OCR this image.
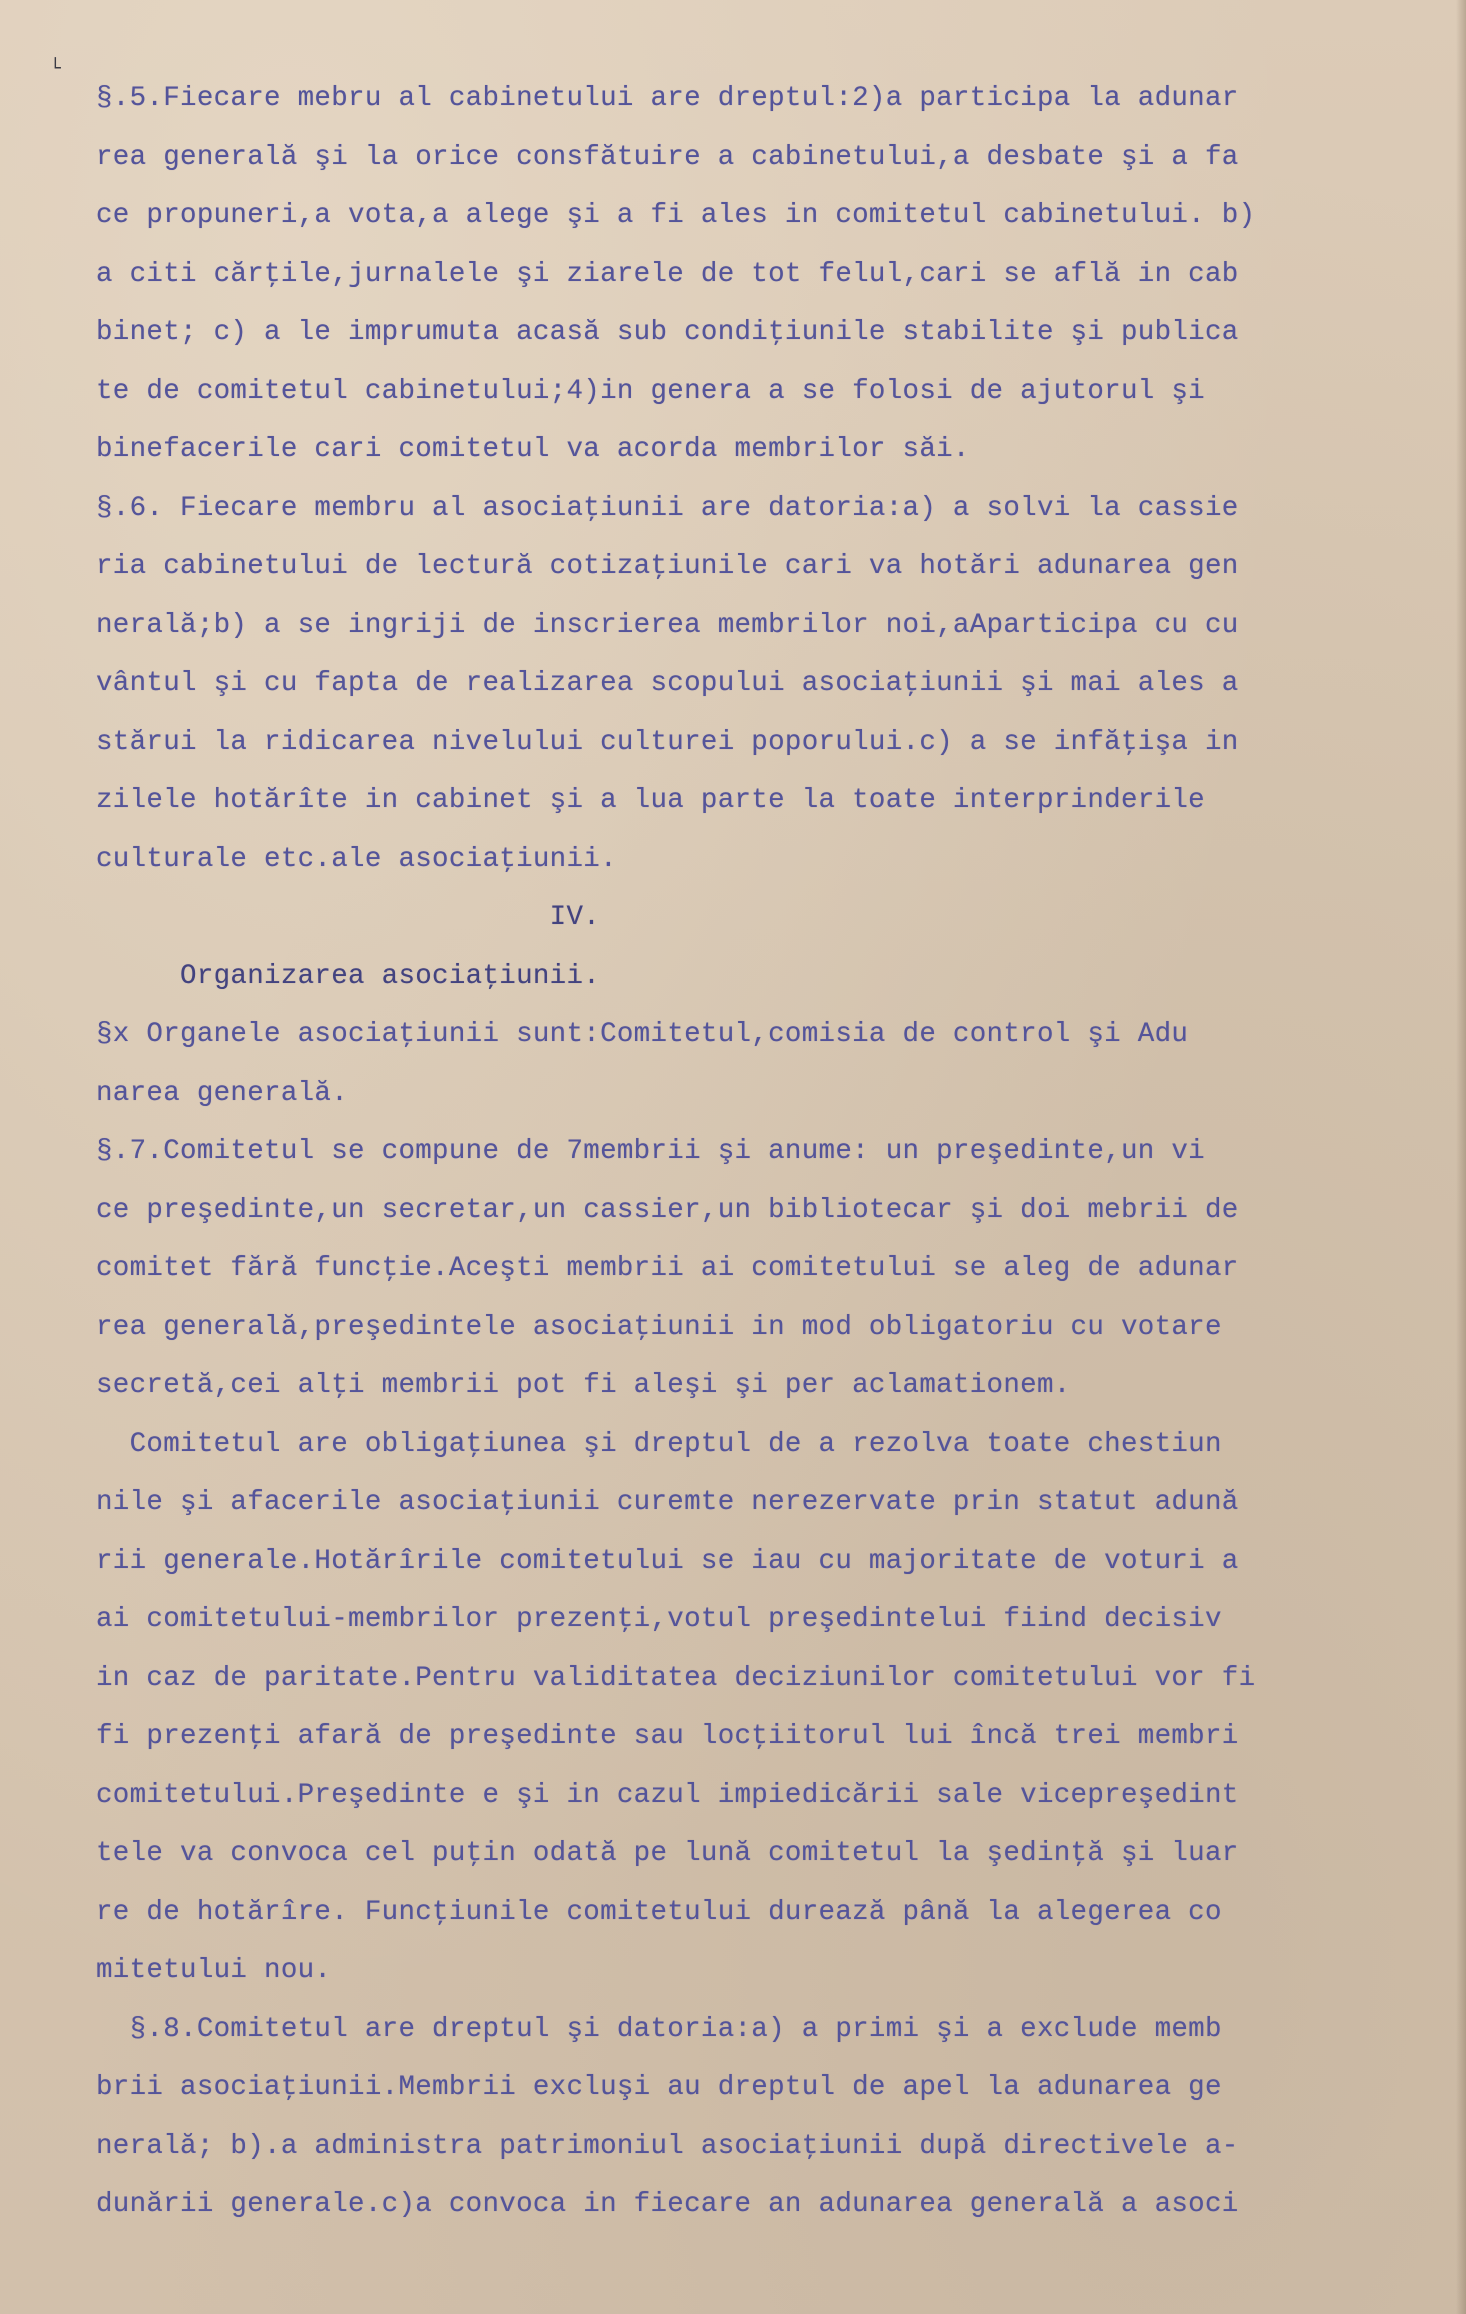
└
§.5.Fiecare mebru al cabinetului are dreptul:2)a participa la adunar
rea generală şi la orice consfătuire a cabinetului,a desbate şi a fa
ce propuneri,a vota,a alege şi a fi ales in comitetul cabinetului. b)
a citi cărţile,jurnalele şi ziarele de tot felul,cari se află in cab
binet; c) a le imprumuta acasă sub condiţiunile stabilite şi publica
te de comitetul cabinetului;4)in genera a se folosi de ajutorul şi
binefacerile cari comitetul va acorda membrilor săi.
§.6. Fiecare membru al asociaţiunii are datoria:a) a solvi la cassie
ria cabinetului de lectură cotizaţiunile cari va hotări adunarea gen
nerală;b) a se ingriji de inscrierea membrilor noi,aAparticipa cu cu
vântul şi cu fapta de realizarea scopului asociaţiunii şi mai ales a
stărui la ridicarea nivelului culturei poporului.c) a se infăţişa in
zilele hotărîte in cabinet şi a lua parte la toate interprinderile
culturale etc.ale asociaţiunii.
IV.
Organizarea asociaţiunii.
§x Organele asociaţiunii sunt:Comitetul,comisia de control şi Adu
narea generală.
§.7.Comitetul se compune de 7membrii şi anume: un preşedinte,un vi
ce preşedinte,un secretar,un cassier,un bibliotecar şi doi mebrii de
comitet fără funcţie.Aceşti membrii ai comitetului se aleg de adunar
rea generală,preşedintele asociaţiunii in mod obligatoriu cu votare
secretă,cei alţi membrii pot fi aleşi şi per aclamationem.
Comitetul are obligaţiunea şi dreptul de a rezolva toate chestiun
nile şi afacerile asociaţiunii curemte nerezervate prin statut adună
rii generale.Hotărîrile comitetului se iau cu majoritate de voturi a
ai comitetului-membrilor prezenţi,votul preşedintelui fiind decisiv
in caz de paritate.Pentru validitatea deciziunilor comitetului vor fi
fi prezenţi afară de preşedinte sau locţiitorul lui încă trei membri
comitetului.Preşedinte e şi in cazul impiedicării sale vicepreşedint
tele va convoca cel puţin odată pe lună comitetul la şedinţă şi luar
re de hotărîre. Funcţiunile comitetului durează până la alegerea co
mitetului nou.
§.8.Comitetul are dreptul şi datoria:a) a primi şi a exclude memb
brii asociaţiunii.Membrii excluşi au dreptul de apel la adunarea ge
nerală; b).a administra patrimoniul asociaţiunii după directivele a-
dunării generale.c)a convoca in fiecare an adunarea generală a asoci
